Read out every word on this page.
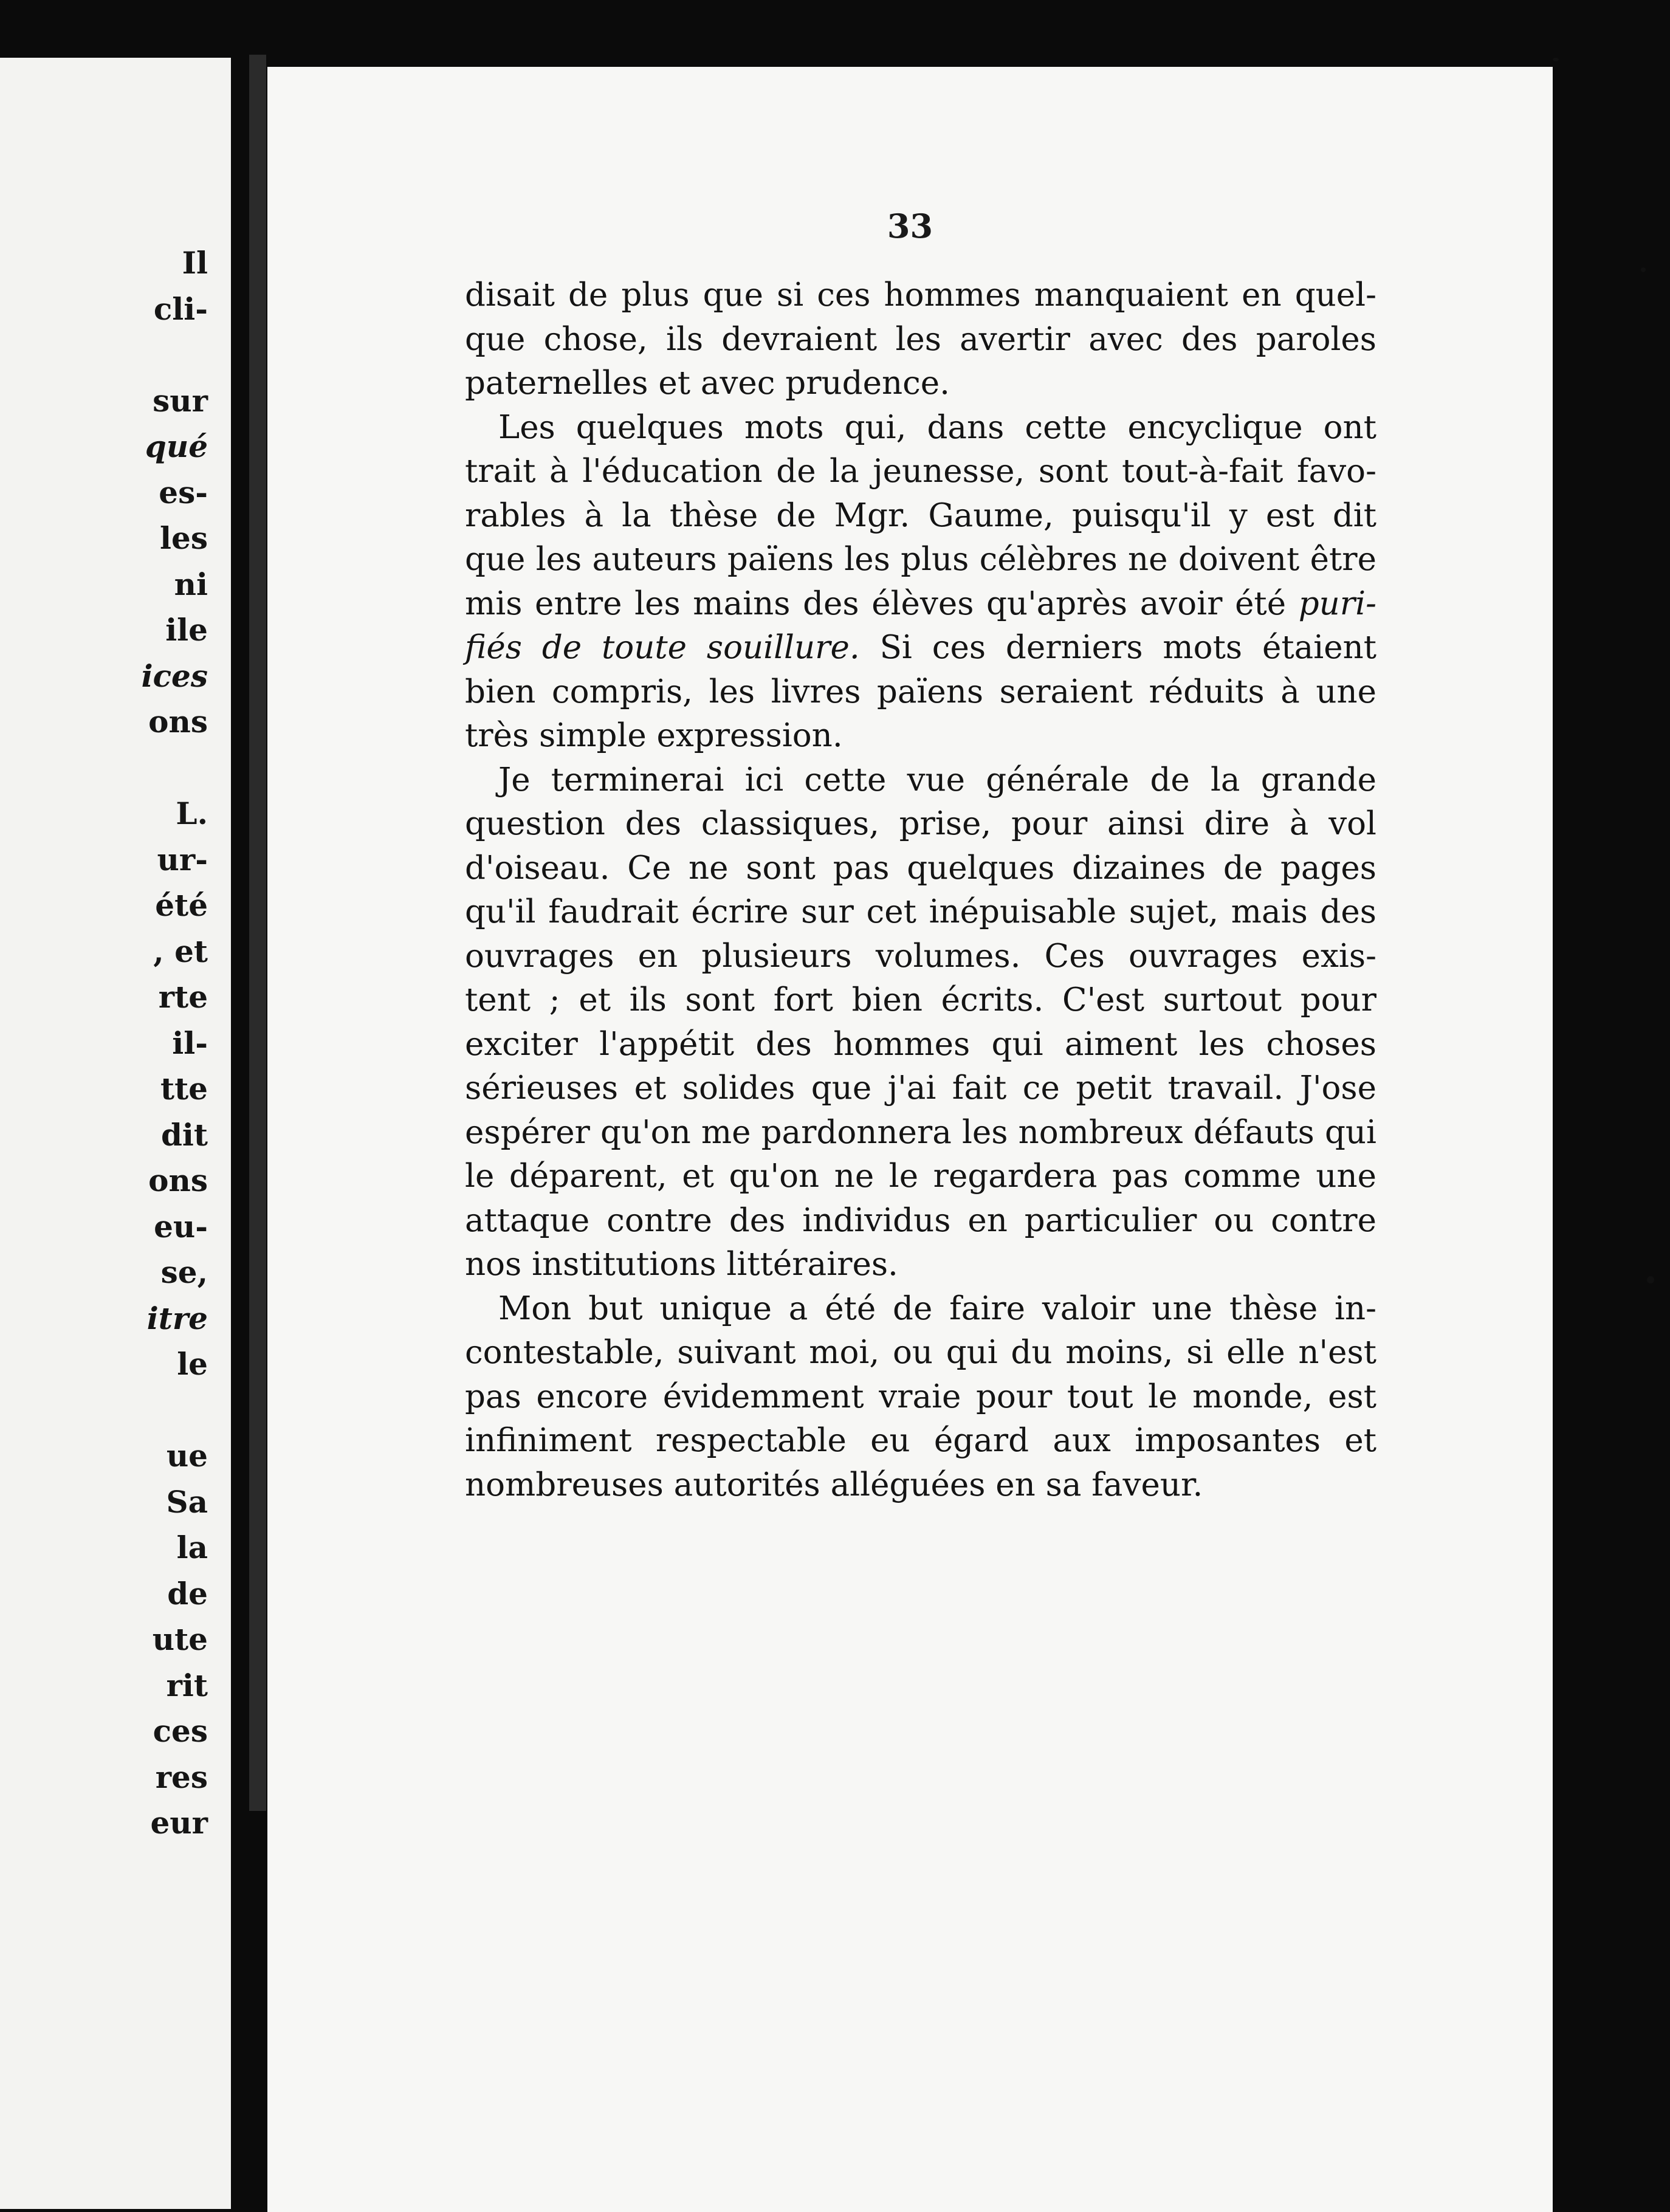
Il
cli-
sur
qué
es-
les
ni
ile
ices
ons
L.
ur-
été
, et
rte
il-
tte
dit
ons
eu-
se,
itre
le
ue
Sa
la
de
ute
rit
ces
res
eur
33
disait de plus que si ces hommes manquaient en quel-
que chose, ils devraient les avertir avec des paroles
paternelles et avec prudence.
Les quelques mots qui, dans cette encyclique ont
trait à l'éducation de la jeunesse, sont tout-à-fait favo-
rables à la thèse de Mgr. Gaume, puisqu'il y est dit
que les auteurs païens les plus célèbres ne doivent être
mis entre les mains des élèves qu'après avoir été puri-
fiés de toute souillure. Si ces derniers mots étaient
bien compris, les livres païens seraient réduits à une
très simple expression.
Je terminerai ici cette vue générale de la grande
question des classiques, prise, pour ainsi dire à vol
d'oiseau. Ce ne sont pas quelques dizaines de pages
qu'il faudrait écrire sur cet inépuisable sujet, mais des
ouvrages en plusieurs volumes. Ces ouvrages exis-
tent ; et ils sont fort bien écrits. C'est surtout pour
exciter l'appétit des hommes qui aiment les choses
sérieuses et solides que j'ai fait ce petit travail. J'ose
espérer qu'on me pardonnera les nombreux défauts qui
le déparent, et qu'on ne le regardera pas comme une
attaque contre des individus en particulier ou contre
nos institutions littéraires.
Mon but unique a été de faire valoir une thèse in-
contestable, suivant moi, ou qui du moins, si elle n'est
pas encore évidemment vraie pour tout le monde, est
infiniment respectable eu égard aux imposantes et
nombreuses autorités alléguées en sa faveur.
